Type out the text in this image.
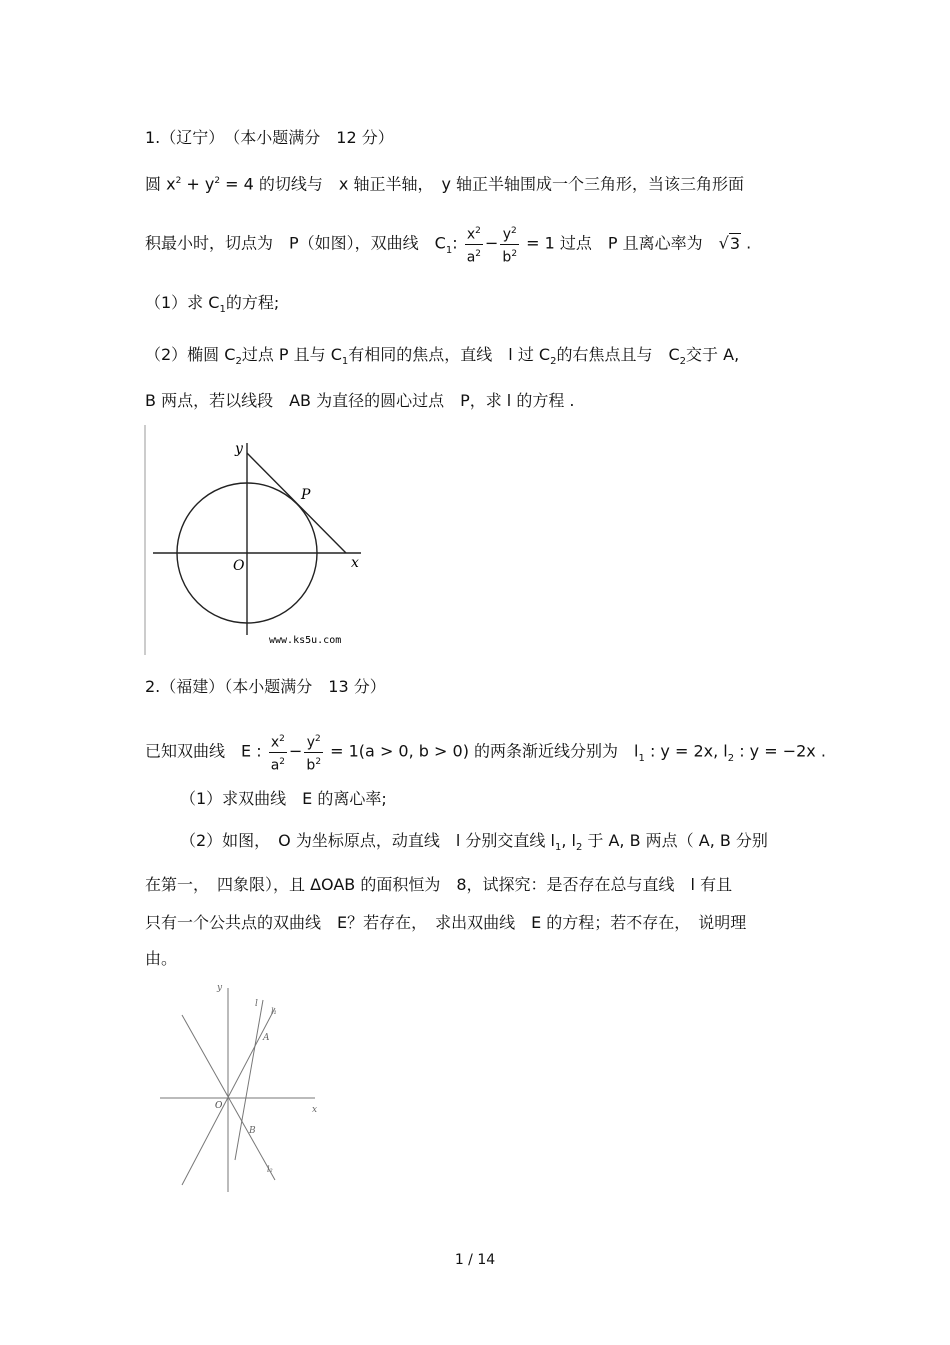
1.（辽宁）　（本小题满分　12 分）
圆 $x^2 + y^2 = 4$ 的切线与　x 轴正半轴，　y 轴正半轴围成一个三角形，当该三角形面
积最小时，切点为　P（如图），双曲线　$C_1$: $\frac{x^2}{a^2} - \frac{y^2}{b^2} = 1$ 过点　P 且离心率为　√3 .
（1）求 $C_1$的方程;
（2）椭圆 $C_2$过点 P 且与 $C_1$有相同的焦点，直线　l 过 $C_2$的右焦点且与　$C_2$交于 A,
B 两点，若以线段　AB 为直径的圆心过点　P，求 l 的方程 .
y
x
O
P
www.ks5u.com
2.（福建）（本小题满分　13 分）
已知双曲线　E : $\frac{x^2}{a^2} - \frac{y^2}{b^2} = 1(a > 0$, b > 0) 的两条渐近线分别为　$l_1$ : y = 2x, $l_2$ : y = −2x .
（1）求双曲线　E 的离心率;
（2）如图，　O 为坐标原点，动直线　l 分别交直线 $l_1$, $l_2$ 于 A, B 两点（ A, B 分别
在第一，　四象限），且 ΔOAB 的面积恒为　8，试探究：是否存在总与直线　l 有且
只有一个公共点的双曲线　E？若存在，　求出双曲线　E 的方程；若不存在，　说明理
由。
y
x
O
A
B
l
l₁
l₂
1 / 14
